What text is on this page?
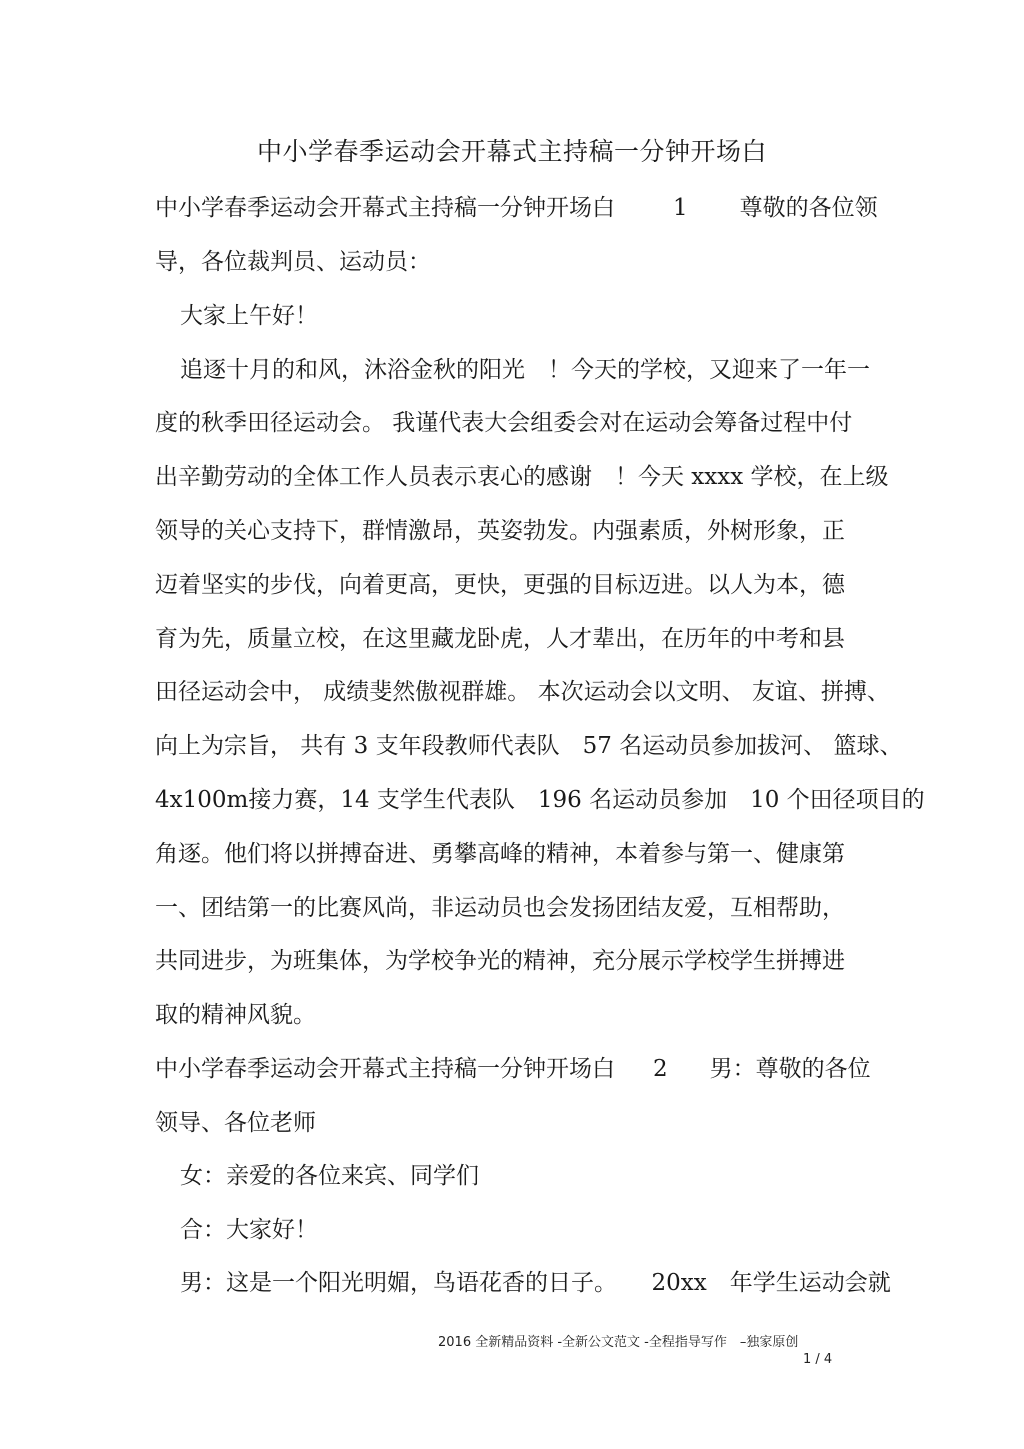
中小学春季运动会开幕式主持稿一分钟开场白
中小学春季运动会开幕式主持稿一分钟开场白	1 尊敬的各位领
导，各位裁判员、运动员：
大家上午好！
追逐十月的和风，沐浴金秋的阳光　！今天的学校，又迎来了一年一
度的秋季田径运动会。 我谨代表大会组委会对在运动会筹备过程中付
出辛勤劳动的全体工作人员表示衷心的感谢　！今天 xxxx 学校，在上级
领导的关心支持下，群情激昂，英姿勃发。内强素质，外树形象，正
迈着坚实的步伐，向着更高，更快，更强的目标迈进。以人为本，德
育为先，质量立校，在这里藏龙卧虎，人才辈出，在历年的中考和县
田径运动会中， 成绩斐然傲视群雄。 本次运动会以文明、 友谊、拼搏、
向上为宗旨， 共有 3 支年段教师代表队　57 名运动员参加拔河、 篮球、
4x100m接力赛，14 支学生代表队　196 名运动员参加　10 个田径项目的
角逐。他们将以拼搏奋进、勇攀高峰的精神，本着参与第一、健康第
一、团结第一的比赛风尚，非运动员也会发扬团结友爱，互相帮助，
共同进步，为班集体，为学校争光的精神，充分展示学校学生拼搏进
取的精神风貌。
中小学春季运动会开幕式主持稿一分钟开场白 2 男：尊敬的各位
领导、各位老师
女：亲爱的各位来宾、同学们
合：大家好！
男：这是一个阳光明媚，鸟语花香的日子。　　20xx　年学生运动会就
2016 全新精品资料 -全新公文范文 -全程指导写作　–独家原创
1 / 4
